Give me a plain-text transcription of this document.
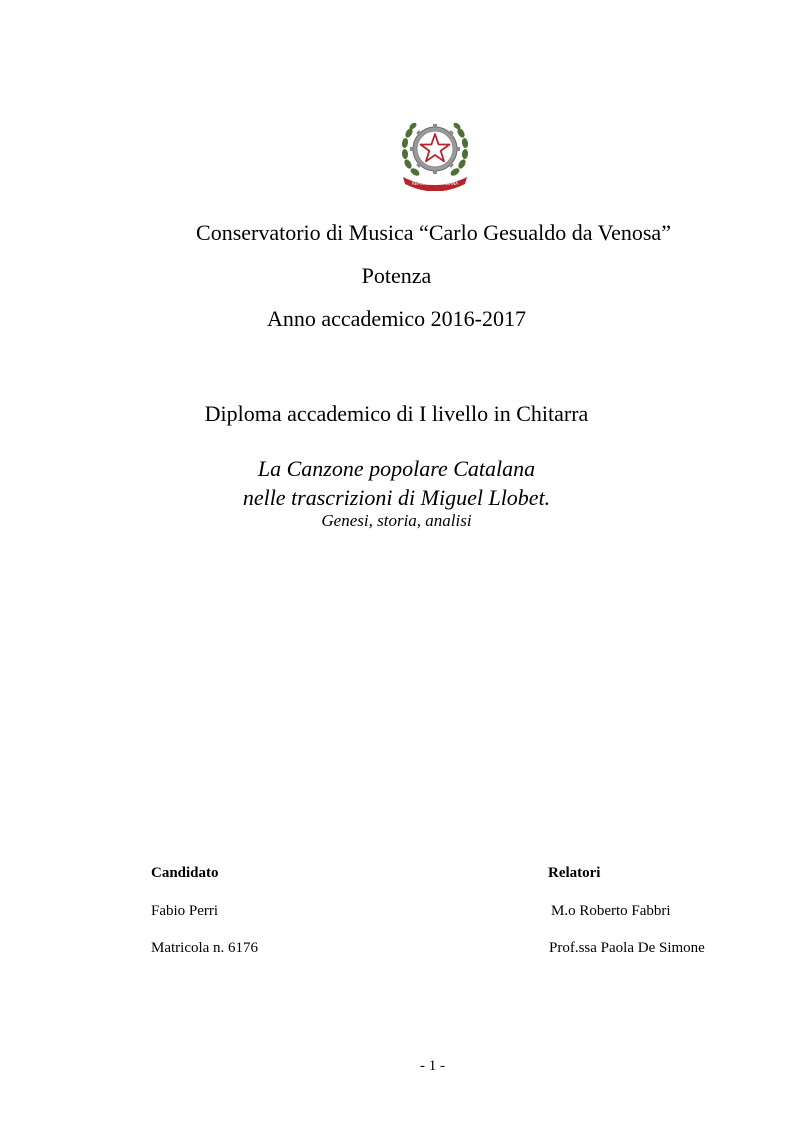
REPUBBLICA ITALIANA
Conservatorio di Musica “Carlo Gesualdo da Venosa”
Potenza
Anno accademico 2016-2017
Diploma accademico di I livello in Chitarra
La Canzone popolare Catalana
nelle trascrizioni di Miguel Llobet.
Genesi, storia, analisi
Candidato
Fabio Perri
Matricola n. 6176
Relatori
M.o Roberto Fabbri
Prof.ssa Paola De Simone
- 1 -
